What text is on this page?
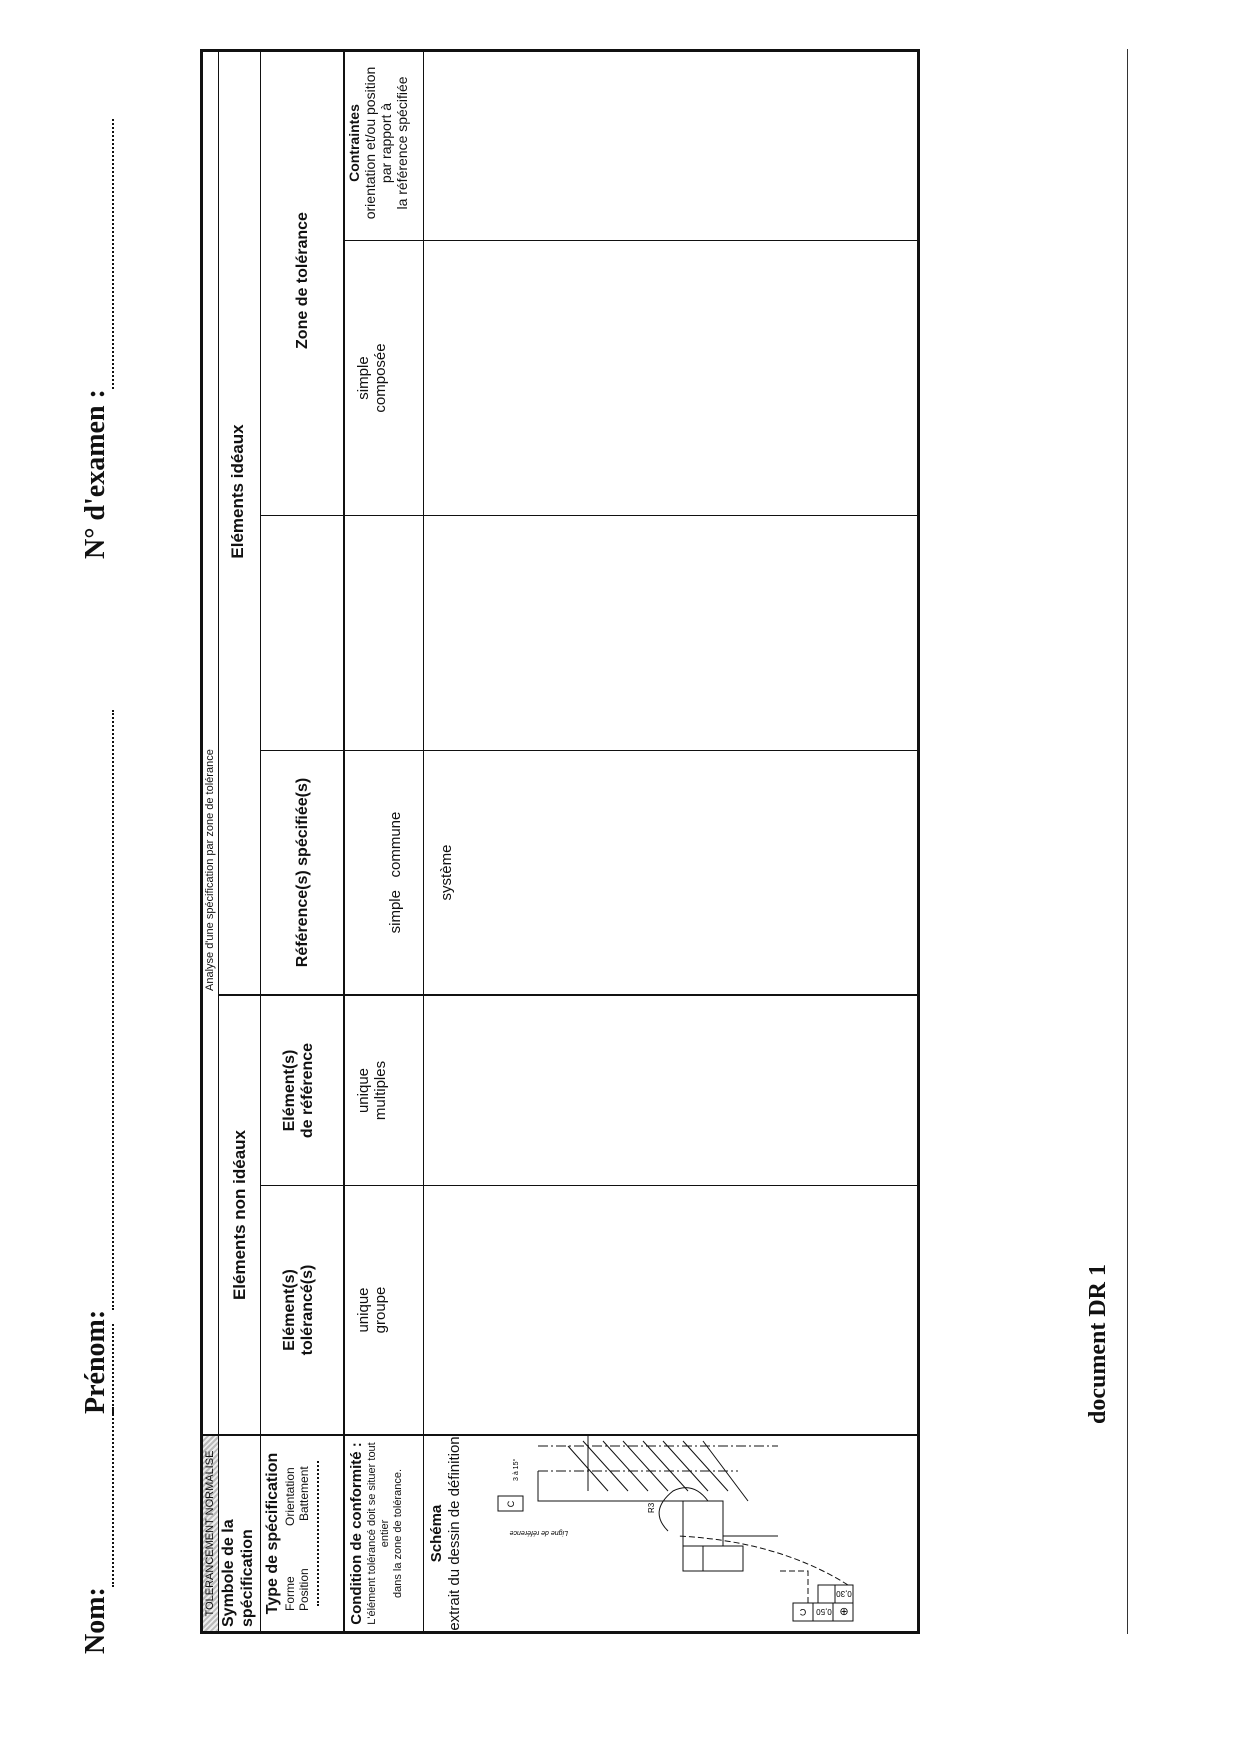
Nom:
Prénom:
N° d'examen :
TOLERANCEMENT NORMALISE
Analyse d'une spécification par zone de tolérance
Symbole de la spécification Type de spécification Forme
Orientation
Position
Battement Condition de conformité : L'élément tolérancé doit se situer tout entier dans la zone de tolérance. Schéma extrait du dessin de définition	⊕
0,50
C
0,30
C
Ligne de référence
R3
3 à 15°
Eléments non idéaux
Eléments idéaux
Elément(s) tolérancé(s)
Elément(s) de référence
Référence(s) spécifiée(s)
Zone de tolérance
unique groupe
unique multiples

simple   commune

système

simple composée
Contraintes orientation et/ou position par rapport à la référence spécifiée
document DR 1
